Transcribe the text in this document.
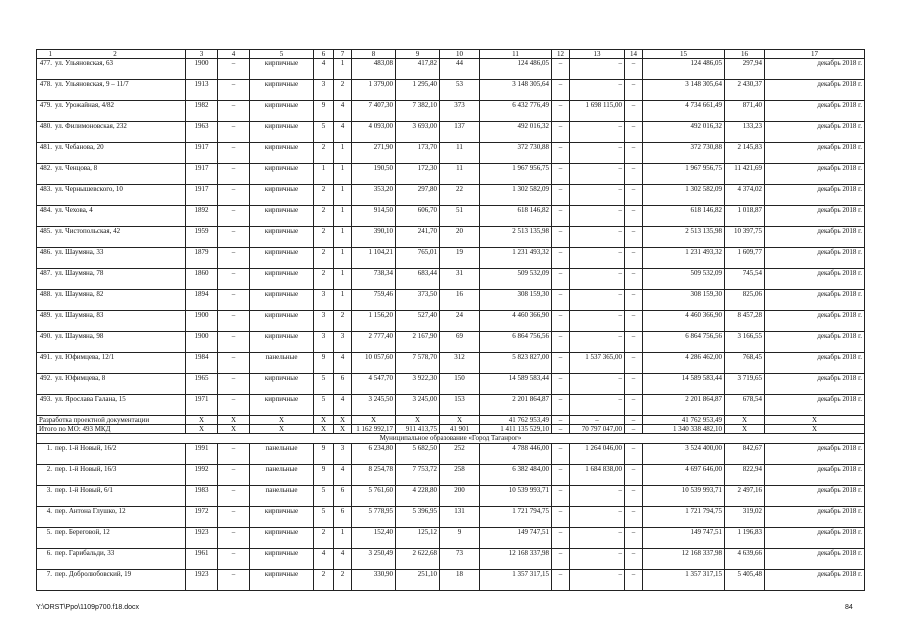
1 2	3	4	5	6	7	8	9	10	11	12	13	14	15	16	17
477. ул. Ульяновская, 63	1900	–	кирпичные	4	1	483,08	417,82	44	124 486,05	–	–	–	124 486,05	297,94	декабрь 2018 г.
478. ул. Ульяновская, 9 – 11/7	1913	–	кирпичные	3	2	1 379,00	1 295,40	53	3 148 305,64	–	–	–	3 148 305,64	2 430,37	декабрь 2018 г.
479. ул. Урожайная, 4/82	1982	–	кирпичные	9	4	7 407,30	7 382,10	373	6 432 776,49	–	1 698 115,00	–	4 734 661,49	871,40	декабрь 2018 г.
480. ул. Филимоновская, 232	1963	–	кирпичные	5	4	4 093,00	3 693,00	137	492 016,32	–	–	–	492 016,32	133,23	декабрь 2018 г.
481. ул. Чебанова, 20	1917	–	кирпичные	2	1	271,90	173,70	11	372 730,88	–	–	–	372 730,88	2 145,83	декабрь 2018 г.
482. ул. Ченцова, 8	1917	–	кирпичные	1	1	190,50	172,30	11	1 967 956,75	–	–	–	1 967 956,75	11 421,69	декабрь 2018 г.
483. ул. Чернышевского, 10	1917	–	кирпичные	2	1	353,20	297,80	22	1 302 582,09	–	–	–	1 302 582,09	4 374,02	декабрь 2018 г.
484. ул. Чехова, 4	1892	–	кирпичные	2	1	914,50	606,70	51	618 146,82	–	–	–	618 146,82	1 018,87	декабрь 2018 г.
485. ул. Чистопольская, 42	1959	–	кирпичные	2	1	390,10	241,70	20	2 513 135,98	–	–	–	2 513 135,98	10 397,75	декабрь 2018 г.
486. ул. Шаумяна, 33	1879	–	кирпичные	2	1	1 104,21	765,01	19	1 231 493,32	–	–	–	1 231 493,32	1 609,77	декабрь 2018 г.
487. ул. Шаумяна, 78	1860	–	кирпичные	2	1	738,34	683,44	31	509 532,09	–	–	–	509 532,09	745,54	декабрь 2018 г.
488. ул. Шаумяна, 82	1894	–	кирпичные	3	1	759,46	373,50	16	308 159,30	–	–	–	308 159,30	825,06	декабрь 2018 г.
489. ул. Шаумяна, 83	1900	–	кирпичные	3	2	1 156,20	527,40	24	4 460 366,90	–	–	–	4 460 366,90	8 457,28	декабрь 2018 г.
490. ул. Шаумяна, 98	1900	–	кирпичные	3	3	2 777,40	2 167,90	69	6 864 756,56	–	–	–	6 864 756,56	3 166,55	декабрь 2018 г.
491. ул. Юфимцева, 12/1	1984	–	панельные	9	4	10 057,60	7 578,70	312	5 823 827,00	–	1 537 365,00	–	4 286 462,00	768,45	декабрь 2018 г.
492. ул. Юфимцева, 8	1965	–	кирпичные	5	6	4 547,70	3 922,30	150	14 589 583,44	–	–	–	14 589 583,44	3 719,65	декабрь 2018 г.
493. ул. Ярослава Галана, 15	1971	–	кирпичные	5	4	3 245,50	3 245,00	153	2 201 864,87	–	–	–	2 201 864,87	678,54	декабрь 2018 г.
Разработка проектной документации	Х	Х	Х	Х	Х	Х	Х	Х	41 762 953,49	–	–	–	41 762 953,49	Х	Х
Итого по МО: 493 МКД	Х	Х	Х	Х	Х	1 162 992,17	911 413,75	41 901	1 411 135 529,10	–	70 797 047,00	–	1 340 338 482,10	Х	Х
Муниципальное образование «Город Таганрог»															
1. пер. 1-й Новый, 16/2	1991	–	панельные	9	3	6 234,80	5 682,50	252	4 788 446,00	–	1 264 046,00	–	3 524 400,00	842,67	декабрь 2018 г.
2. пер. 1-й Новый, 16/3	1992	–	панельные	9	4	8 254,78	7 753,72	258	6 382 484,00	–	1 684 838,00	–	4 697 646,00	822,94	декабрь 2018 г.
3. пер. 1-й Новый, 6/1	1983	–	панельные	5	6	5 761,60	4 228,80	200	10 539 993,71	–	–	–	10 539 993,71	2 497,16	декабрь 2018 г.
4. пер. Антона Глушко, 12	1972	–	кирпичные	5	6	5 778,95	5 396,95	131	1 721 794,75	–	–	–	1 721 794,75	319,02	декабрь 2018 г.
5. пер. Береговой, 12	1923	–	кирпичные	2	1	152,40	125,12	9	149 747,51	–	–	–	149 747,51	1 196,83	декабрь 2018 г.
6. пер. Гарибальди, 33	1961	–	кирпичные	4	4	3 250,49	2 622,68	73	12 168 337,98	–	–	–	12 168 337,98	4 639,66	декабрь 2018 г.
7. пер. Добролюбовский, 19	1923	–	кирпичные	2	2	330,90	251,10	18	1 357 317,15	–	–	–	1 357 317,15	5 405,48	декабрь 2018 г.
Y:\ORST\Ppo\1109p700.f18.docx	84
